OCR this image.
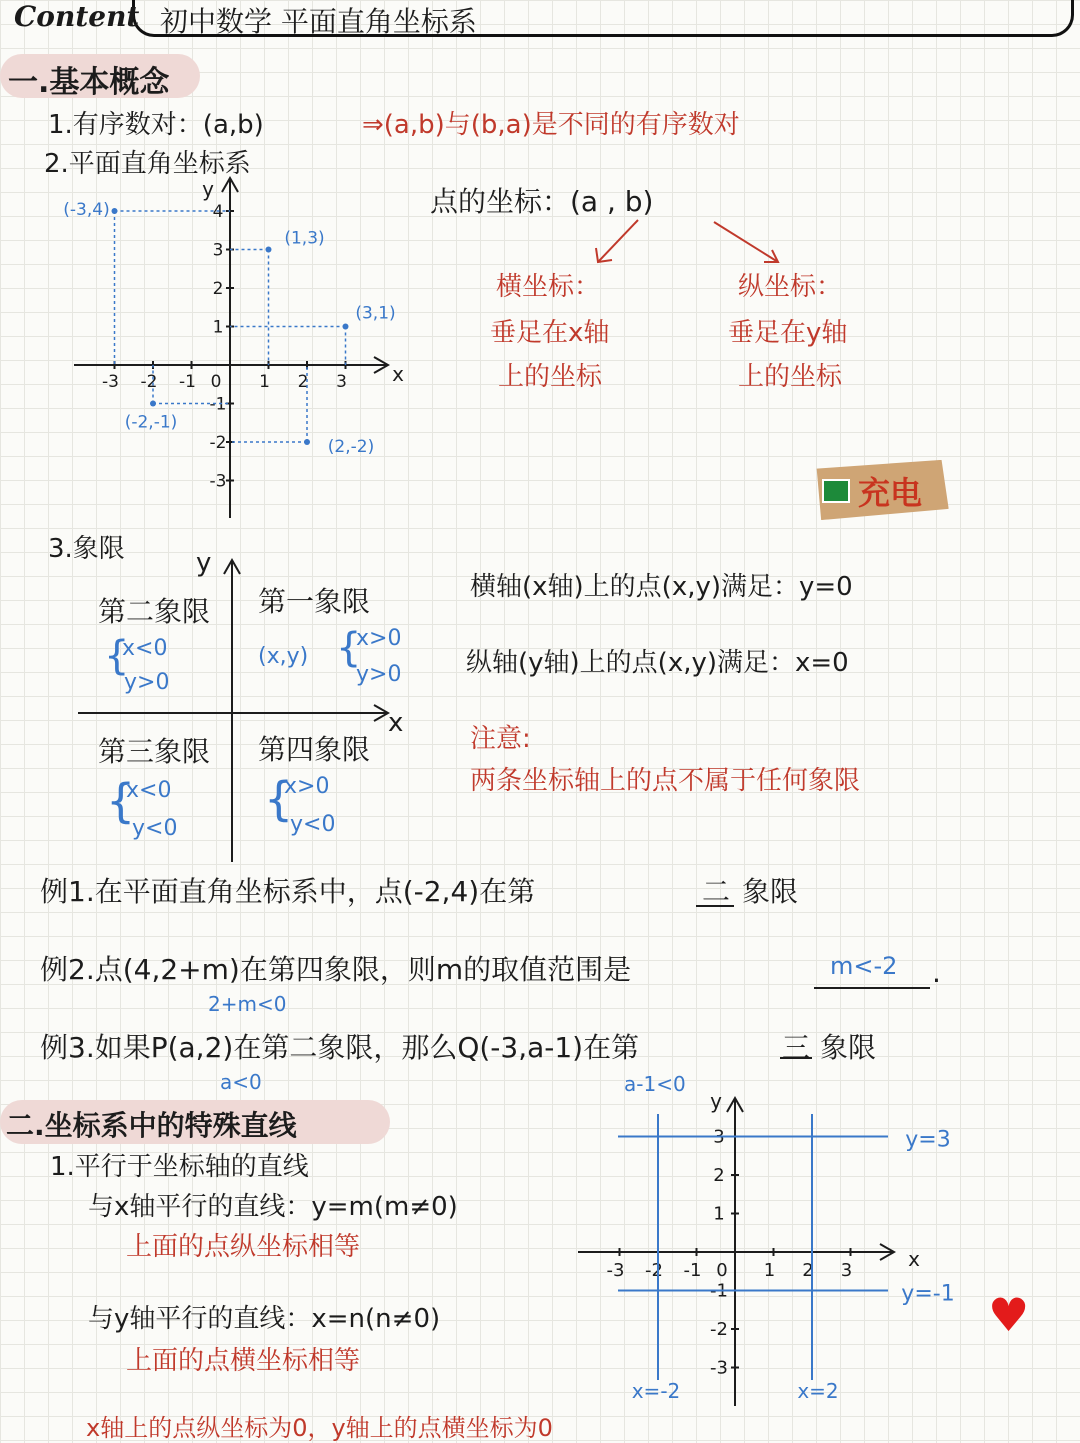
Content 初中数学 平面直角坐标系
一.基本概念
1.有序数对：(a,b)	⇒(a,b)与(b,a)是不同的有序数对
2.平面直角坐标系
x
y
0
-3 -2 -1	1 2 3
4
3
2
1
-1
-2
-3
(-3,4)
(1,3)
(3,1)
(-2,-1)
(2,-2)
x
y
0
-3 -2 -1	1 2 3
3
2
1
-1
-2
-3
y=3
y=-1
x=-2	x=2
点的坐标：(a , b)
横坐标：
垂足在x轴
上的坐标
纵坐标：
垂足在y轴
上的坐标
充电
3.象限	y
x
第二象限
{
x<0
y>0
第一象限
(x,y) {
x>0
y>0
第三象限
{
x<0
y<0
第四象限
{
x>0
y<0
横轴(x轴)上的点(x,y)满足：y=0
纵轴(y轴)上的点(x,y)满足：x=0
注意:
两条坐标轴上的点不属于任何象限
例1.在平面直角坐标系中，点(-2,4)在第	二 象限
例2.点(4,2+m)在第四象限，则m的取值范围是	m<-2 .
2+m<0
例3.如果P(a,2)在第二象限，那么Q(-3,a-1)在第	三 象限
a<0	a-1<0
二.坐标系中的特殊直线
1.平行于坐标轴的直线
与x轴平行的直线：y=m(m≠0)
上面的点纵坐标相等
与y轴平行的直线：x=n(n≠0)
上面的点横坐标相等
x轴上的点纵坐标为0，y轴上的点横坐标为0
♥
